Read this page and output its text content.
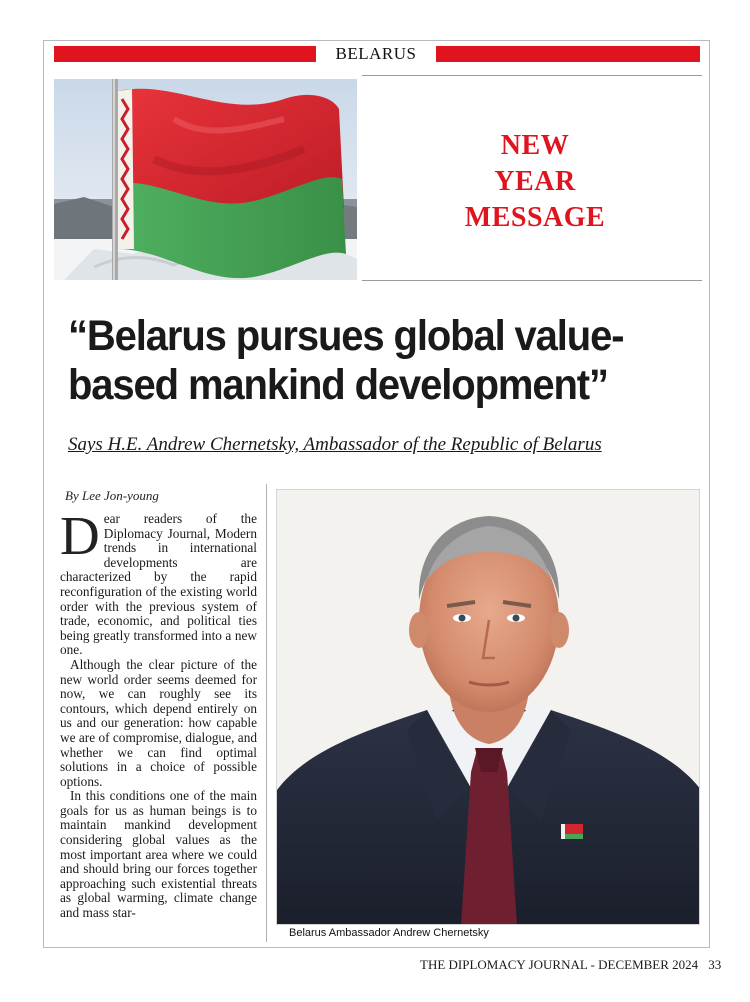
BELARUS
NEW
YEAR
MESSAGE
“Belarus pursues global value-
based mankind development”
Says H.E. Andrew Chernetsky, Ambassador of the Republic of Belarus
By Lee Jon-young

Dear readers of the Diplomacy Journal, Modern trends in international developments are characterized by the rapid reconfiguration of the existing world order with the previous system of trade, economic, and political ties being greatly transformed into a new one.

Although the clear picture of the new world order seems deemed for now, we can roughly see its contours, which depend entirely on us and our generation: how capable we are of compromise, dialogue, and whether we can find optimal solutions in a choice of possible options.

In this conditions one of the main goals for us as human beings is to maintain mankind development considering global values as the most important area where we could and should bring our forces together approaching such existential threats as global warming, climate change and mass star-

Belarus Ambassador Andrew Chernetsky
THE DIPLOMACY JOURNAL - DECEMBER 2024 33
